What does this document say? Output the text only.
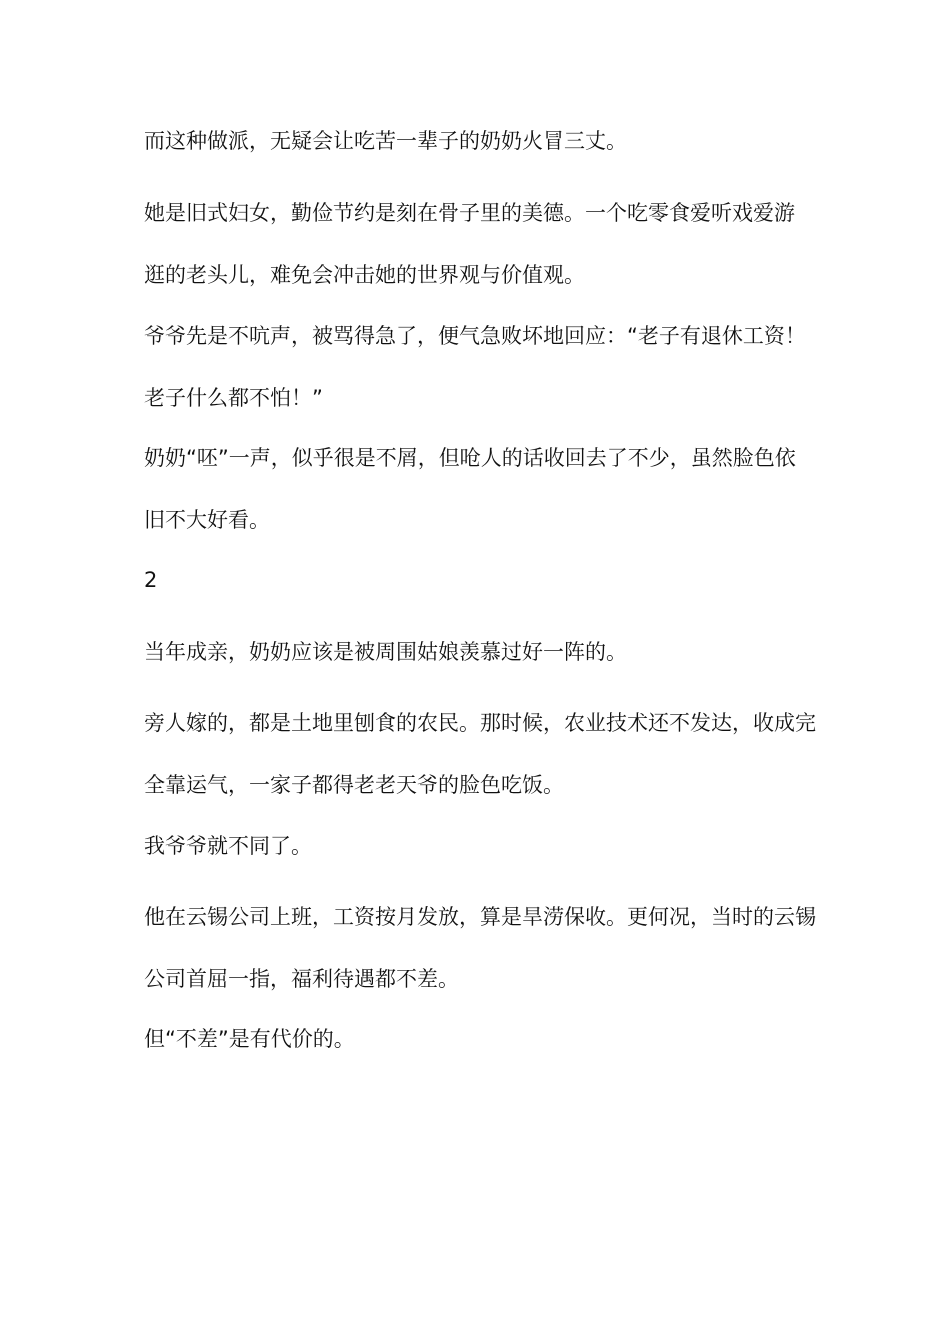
而这种做派，无疑会让吃苦一辈子的奶奶火冒三丈。

她是旧式妇女，勤俭节约是刻在骨子里的美德。一个吃零食爱听戏爱游
逛的老头儿，难免会冲击她的世界观与价值观。

爷爷先是不吭声，被骂得急了，便气急败坏地回应：“老子有退休工资！
老子什么都不怕！”

奶奶“呸”一声，似乎很是不屑，但呛人的话收回去了不少，虽然脸色依
旧不大好看。

2

当年成亲，奶奶应该是被周围姑娘羡慕过好一阵的。

旁人嫁的，都是土地里刨食的农民。那时候，农业技术还不发达，收成完
全靠运气，一家子都得老老天爷的脸色吃饭。

我爷爷就不同了。

他在云锡公司上班，工资按月发放，算是旱涝保收。更何况，当时的云锡
公司首屈一指，福利待遇都不差。

但“不差”是有代价的。
